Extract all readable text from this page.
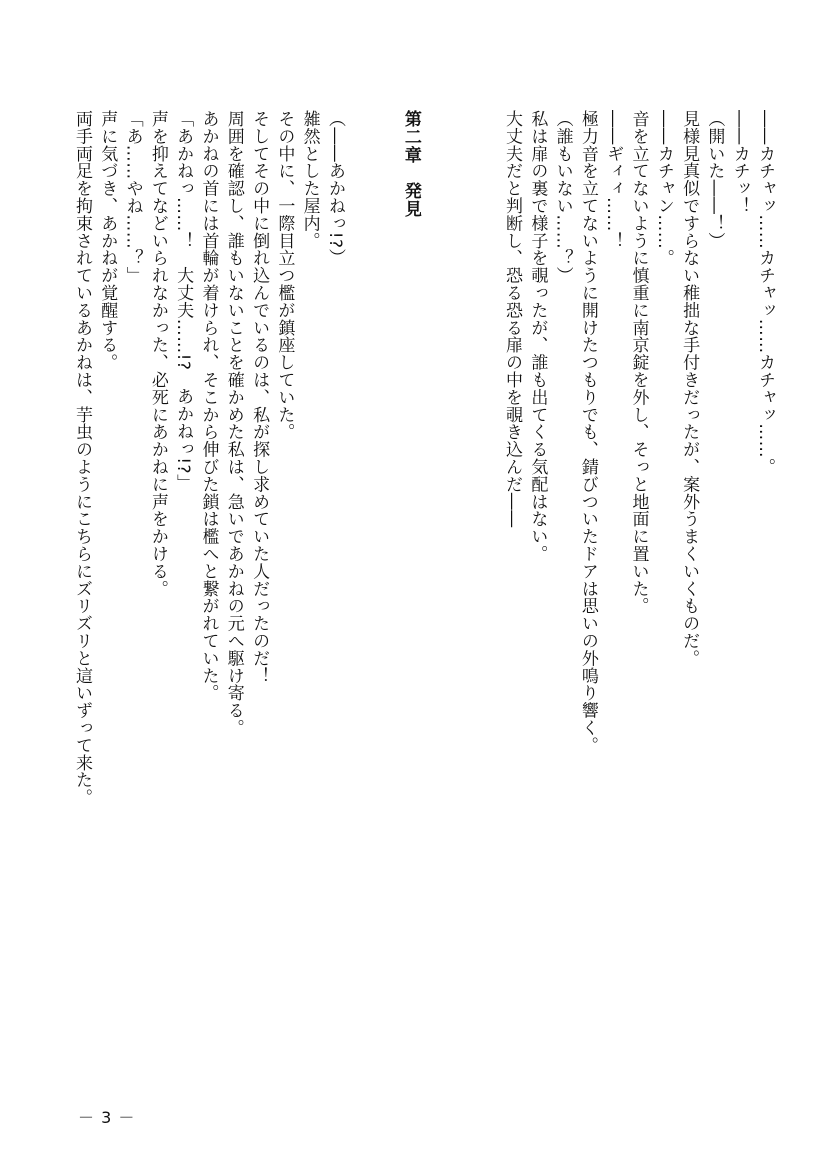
――カチャッ……カチャッ……カチャッ……。
――カチッ！
（開いた――！）
見様見真似ですらない稚拙な手付きだったが、案外うまくいくものだ。
――カチャン……。
音を立てないように慎重に南京錠を外し、そっと地面に置いた。
――ギィィ……！
極力音を立てないように開けたつもりでも、錆びついたドアは思いの外鳴り響く。
（誰もいない……？）
私は扉の裏で様子を覗ったが、誰も出てくる気配はない。
大丈夫だと判断し、恐る恐る扉の中を覗き込んだ――
第二章　発見
（――あかねっ!?）
雑然とした屋内。
その中に、一際目立つ檻が鎮座していた。
そしてその中に倒れ込んでいるのは、私が探し求めていた人だったのだ！
周囲を確認し、誰もいないことを確かめた私は、急いであかねの元へ駆け寄る。
あかねの首には首輪が着けられ、そこから伸びた鎖は檻へと繋がれていた。
「あかねっ……！　大丈夫……!?　あかねっ!?」
声を抑えてなどいられなかった、必死にあかねに声をかける。
「あ……やね……？」
声に気づき、あかねが覚醒する。
両手両足を拘束されているあかねは、芋虫のようにこちらにズリズリと這いずって来た。
－ 3 －
